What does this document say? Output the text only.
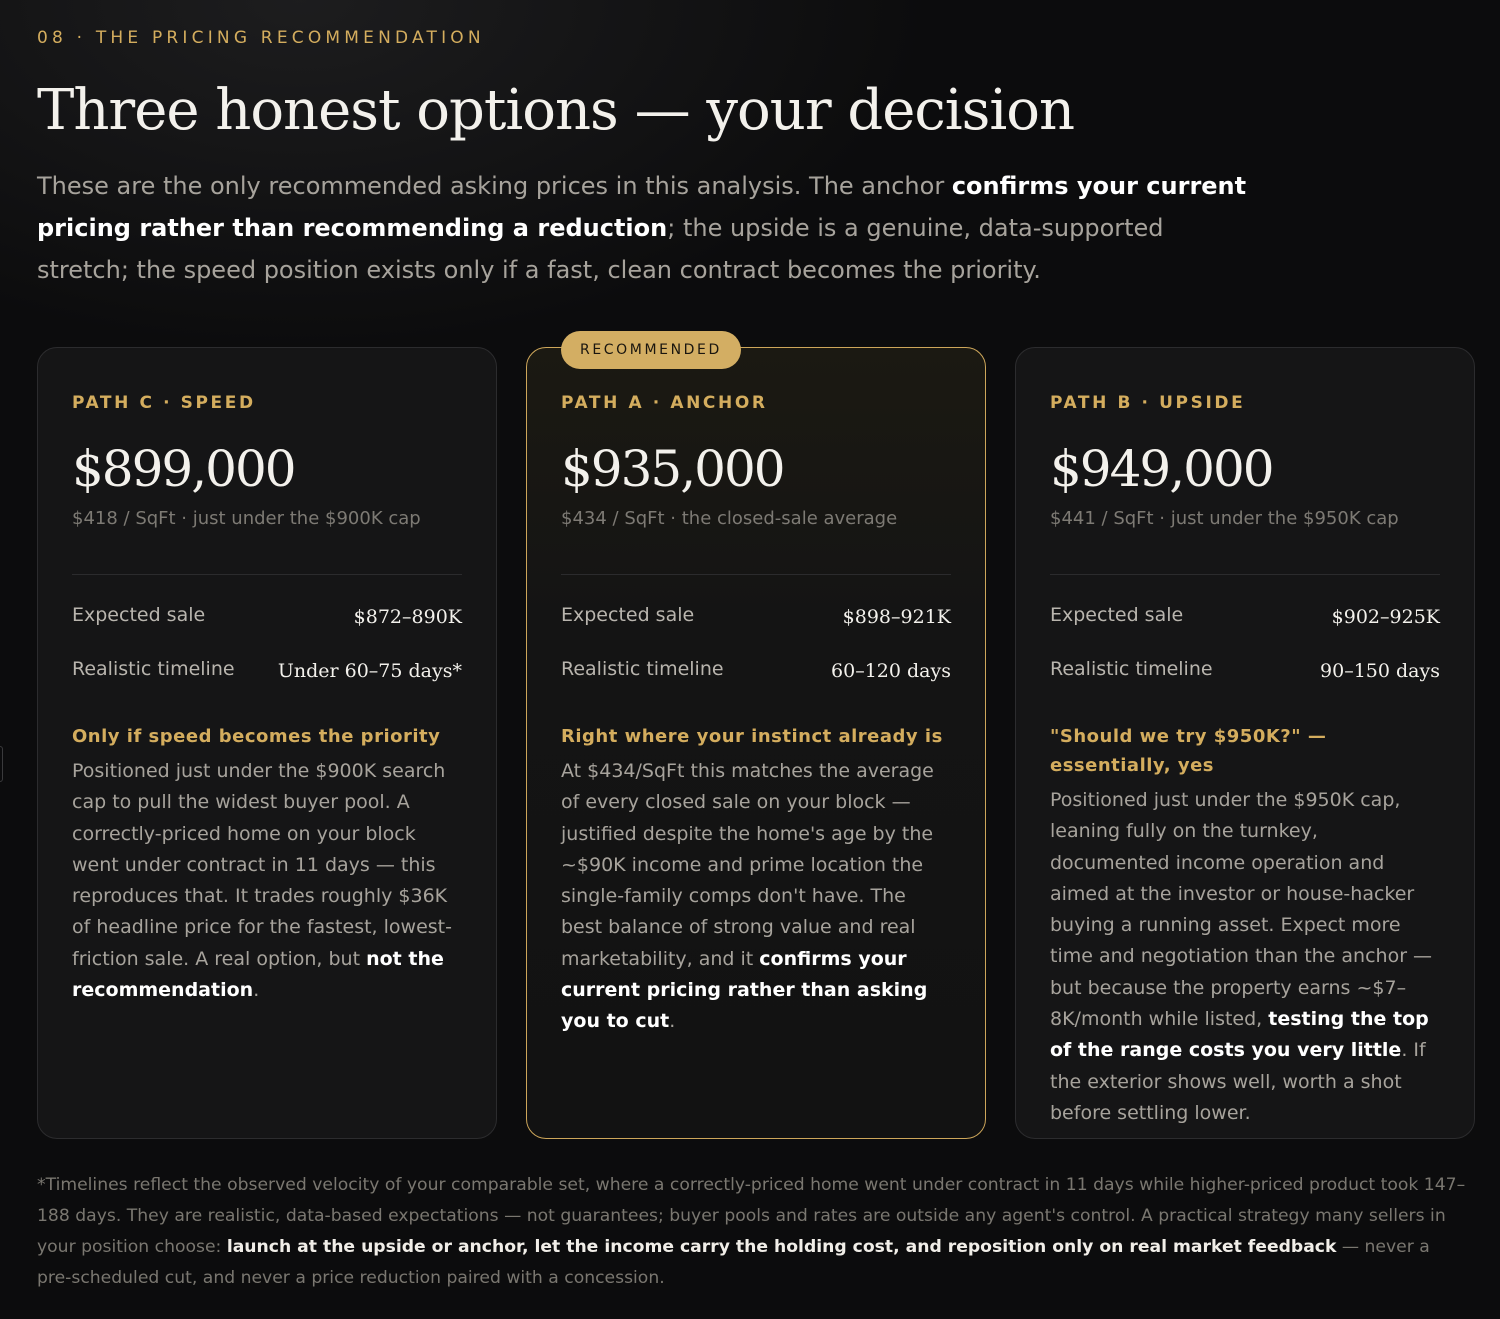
08 · THE PRICING RECOMMENDATION
Three honest options — your decision

These are the only recommended asking prices in this analysis. The anchor confirms your current pricing rather than recommending a reduction; the upside is a genuine, data-supported stretch; the speed position exists only if a fast, clean contract becomes the priority.

PATH C · SPEED
$899,000
$418 / SqFt · just under the $900K cap
Expected sale	$872–890K
Realistic timeline Under 60–75 days*
Only if speed becomes the priority

Positioned just under the $900K search cap to pull the widest buyer pool. A correctly-priced home on your block went under contract in 11 days — this reproduces that. It trades roughly $36K of headline price for the fastest, lowest-friction sale. A real option, but not the recommendation.

RECOMMENDED
PATH A · ANCHOR
$935,000
$434 / SqFt · the closed-sale average
Expected sale	$898–921K
Realistic timeline	60–120 days
Right where your instinct already is

At $434/SqFt this matches the average of every closed sale on your block — justified despite the home's age by the ~$90K income and prime location the single-family comps don't have. The best balance of strong value and real marketability, and it confirms your current pricing rather than asking you to cut.

PATH B · UPSIDE
$949,000
$441 / SqFt · just under the $950K cap
Expected sale	$902–925K
Realistic timeline	90–150 days
"Should we try $950K?" — essentially, yes

Positioned just under the $950K cap, leaning fully on the turnkey, documented income operation and aimed at the investor or house-hacker buying a running asset. Expect more time and negotiation than the anchor — but because the property earns ~$7–8K/month while listed, testing the top of the range costs you very little. If the exterior shows well, worth a shot before settling lower.

*Timelines reflect the observed velocity of your comparable set, where a correctly-priced home went under contract in 11 days while higher-priced product took 147–188 days. They are realistic, data-based expectations — not guarantees; buyer pools and rates are outside any agent's control. A practical strategy many sellers in your position choose: launch at the upside or anchor, let the income carry the holding cost, and reposition only on real market feedback — never a pre-scheduled cut, and never a price reduction paired with a concession.
